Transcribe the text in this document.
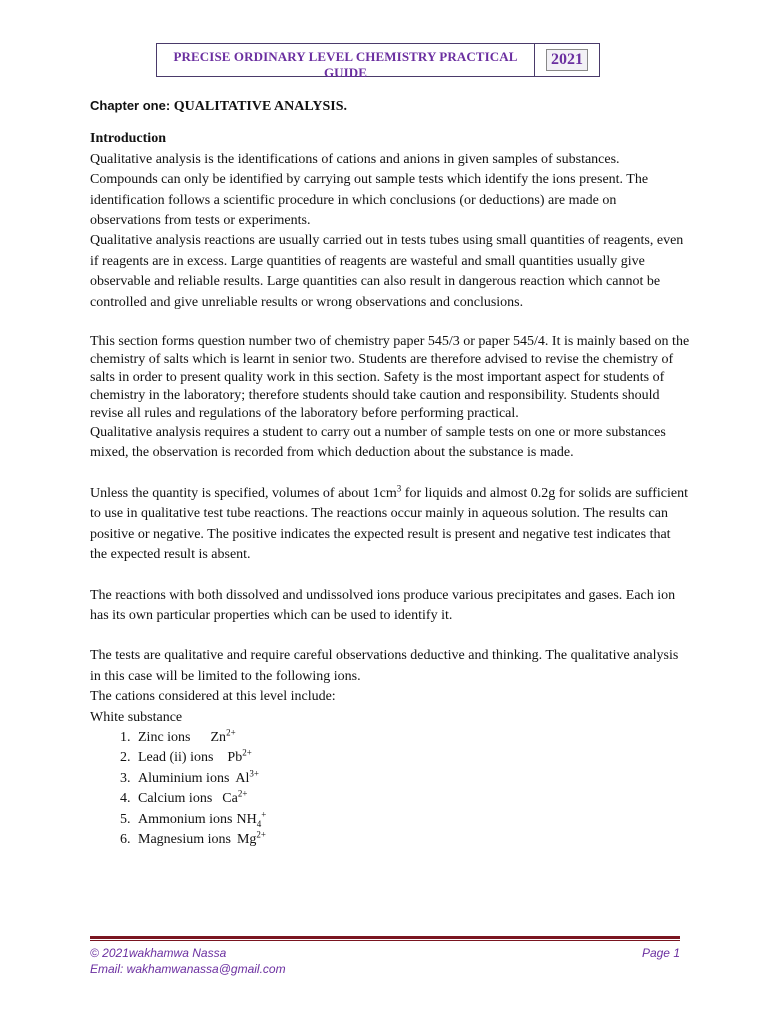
PRECISE ORDINARY LEVEL CHEMISTRY PRACTICAL GUIDE
2021

Chapter one: QUALITATIVE ANALYSIS.

Introduction

Qualitative analysis is the identifications of cations and anions in given samples of substances. Compounds can only be identified by carrying out sample tests which identify the ions present. The identification follows a scientific procedure in which conclusions (or deductions) are made on observations from tests or experiments.

Qualitative analysis reactions are usually carried out in tests tubes using small quantities of reagents, even if reagents are in excess. Large quantities of reagents are wasteful and small quantities usually give observable and reliable results. Large quantities can also result in dangerous reaction which cannot be controlled and give unreliable results or wrong observations and conclusions.

This section forms question number two of chemistry paper 545/3 or paper 545/4. It is mainly based on the chemistry of salts which is learnt in senior two. Students are therefore advised to revise the chemistry of salts in order to present quality work in this section. Safety is the most important aspect for students of chemistry in the laboratory; therefore students should take caution and responsibility. Students should revise all rules and regulations of the laboratory before performing practical.

Qualitative analysis requires a student to carry out a number of sample tests on one or more substances mixed, the observation is recorded from which deduction about the substance is made.

Unless the quantity is specified, volumes of about $1cm^3$ for liquids and almost 0.2g for solids are sufficient to use in qualitative test tube reactions. The reactions occur mainly in aqueous solution. The results can positive or negative. The positive indicates the expected result is present and negative test indicates that the expected result is absent.

The reactions with both dissolved and undissolved ions produce various precipitates and gases. Each ion has its own particular properties which can be used to identify it.

The tests are qualitative and require careful observations deductive and thinking. The qualitative analysis in this case will be limited to the following ions.

The cations considered at this level include:

White substance

1. Zinc ions $Zn^{2+}$
2. Lead (ii) ions $Pb^{2+}$
3. Aluminium ions $Al^{3+}$
4. Calcium ions $Ca^{2+}$
5. Ammonium ions $NH_4^+$
6. Magnesium ions $Mg^{2+}$
© 2021wakhamwa Nassa
Email: wakhamwanassa@gmail.com
Page 1
